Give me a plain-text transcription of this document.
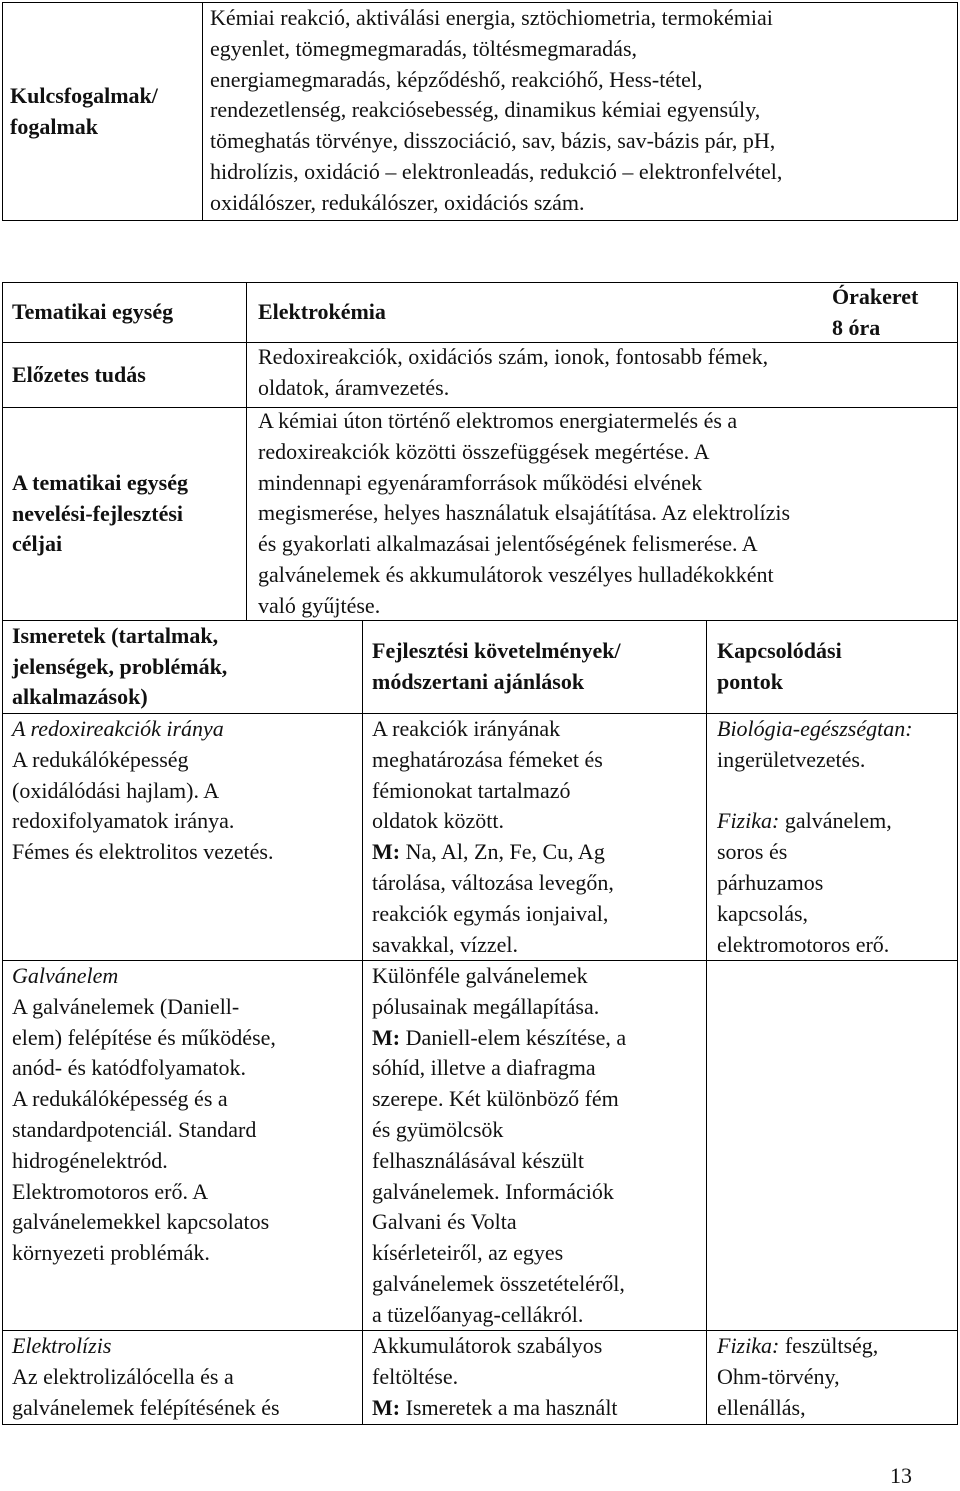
Kulcsfogalmak/
fogalmak
Kémiai reakció, aktiválási energia, sztöchiometria, termokémiai
egyenlet, tömegmegmaradás, töltésmegmaradás,
energiamegmaradás, képződéshő, reakcióhő, Hess-tétel,
rendezetlenség, reakciósebesség, dinamikus kémiai egyensúly,
tömeghatás törvénye, disszociáció, sav, bázis, sav-bázis pár, pH,
hidrolízis, oxidáció – elektronleadás, redukció – elektronfelvétel,
oxidálószer, redukálószer, oxidációs szám.
Tematikai egység	Elektrokémia
Órakeret
8 óra
Előzetes tudás
Redoxireakciók, oxidációs szám, ionok, fontosabb fémek,
oldatok, áramvezetés.
A tematikai egység
nevelési-fejlesztési
céljai
A kémiai úton történő elektromos energiatermelés és a
redoxireakciók közötti összefüggések megértése. A
mindennapi egyenáramforrások működési elvének
megismerése, helyes használatuk elsajátítása. Az elektrolízis
és gyakorlati alkalmazásai jelentőségének felismerése. A
galvánelemek és akkumulátorok veszélyes hulladékokként
való gyűjtése.
Ismeretek (tartalmak,
jelenségek, problémák,
alkalmazások)
Fejlesztési követelmények/
módszertani ajánlások
Kapcsolódási
pontok
A redoxireakciók iránya
A redukálóképesség
(oxidálódási hajlam). A
redoxifolyamatok iránya.
Fémes és elektrolitos vezetés.
A reakciók irányának
meghatározása fémeket és
fémionokat tartalmazó
oldatok között.
M: Na, Al, Zn, Fe, Cu, Ag
tárolása, változása levegőn,
reakciók egymás ionjaival,
savakkal, vízzel.
Biológia-egészségtan:
ingerületvezetés.
Fizika: galvánelem,
soros és
párhuzamos
kapcsolás,
elektromotoros erő.
Galvánelem
A galvánelemek (Daniell-
elem) felépítése és működése,
anód- és katódfolyamatok.
A redukálóképesség és a
standardpotenciál. Standard
hidrogénelektród.
Elektromotoros erő. A
galvánelemekkel kapcsolatos
környezeti problémák.
Különféle galvánelemek
pólusainak megállapítása.
M: Daniell-elem készítése, a
sóhíd, illetve a diafragma
szerepe. Két különböző fém
és gyümölcsök
felhasználásával készült
galvánelemek. Információk
Galvani és Volta
kísérleteiről, az egyes
galvánelemek összetételéről,
a tüzelőanyag-cellákról.
Elektrolízis
Az elektrolizálócella és a
galvánelemek felépítésének és
Akkumulátorok szabályos
feltöltése.
M: Ismeretek a ma használt
Fizika: feszültség,
Ohm-törvény,
ellenállás,
13
